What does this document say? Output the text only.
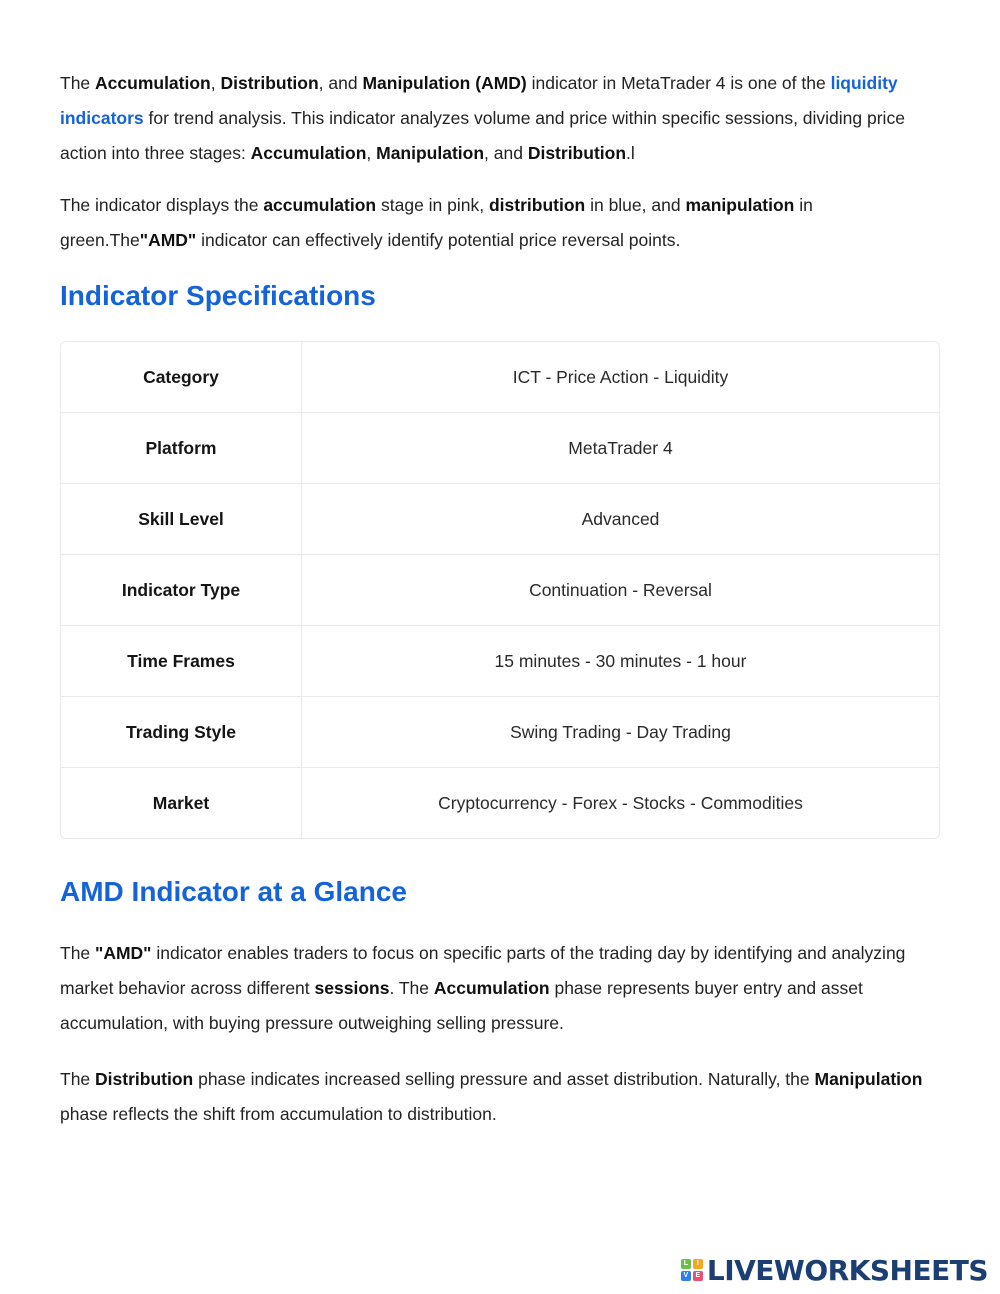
The Accumulation, Distribution, and Manipulation (AMD) indicator in MetaTrader 4 is one of the liquidity indicators for trend analysis. This indicator analyzes volume and price within specific sessions, dividing price action into three stages: Accumulation, Manipulation, and Distribution.l

The indicator displays the accumulation stage in pink, distribution in blue, and manipulation in green.The"AMD" indicator can effectively identify potential price reversal points.

Indicator Specifications
Category	ICT - Price Action - Liquidity
Platform	MetaTrader 4
Skill Level	Advanced
Indicator Type	Continuation - Reversal
Time Frames	15 minutes - 30 minutes - 1 hour
Trading Style	Swing Trading - Day Trading
Market	Cryptocurrency - Forex - Stocks - Commodities
AMD Indicator at a Glance

The "AMD" indicator enables traders to focus on specific parts of the trading day by identifying and analyzing market behavior across different sessions. The Accumulation phase represents buyer entry and asset accumulation, with buying pressure outweighing selling pressure.

The Distribution phase indicates increased selling pressure and asset distribution. Naturally, the Manipulation phase reflects the shift from accumulation to distribution.

L	I
V	E LIVEWORKSHEETS
